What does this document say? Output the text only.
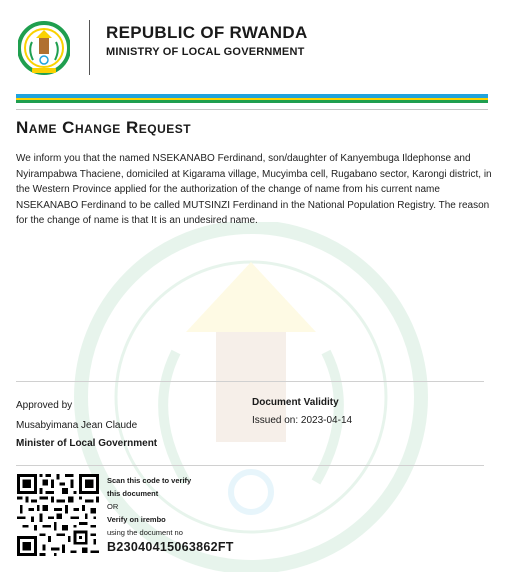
REPUBLIC OF RWANDA
MINISTRY OF LOCAL GOVERNMENT
Name Change Request
We inform you that the named NSEKANABO Ferdinand, son/daughter of Kanyembuga Ildephonse and Nyirampabwa Thaciene, domiciled at Kigarama village, Mucyimba cell, Rugabano sector, Karongi district, in the Western Province applied for the authorization of the change of name from his current name NSEKANABO Ferdinand to be called MUTSINZI Ferdinand in the National Population Registry. The reason for the change of name is that It is an undesired name.
Approved by
Musabyimana Jean Claude
Minister of Local Government
Document Validity
Issued on: 2023-04-14
Scan this code to verify
this document
OR
Verify on irembo
using the document no
B23040415063862FT
